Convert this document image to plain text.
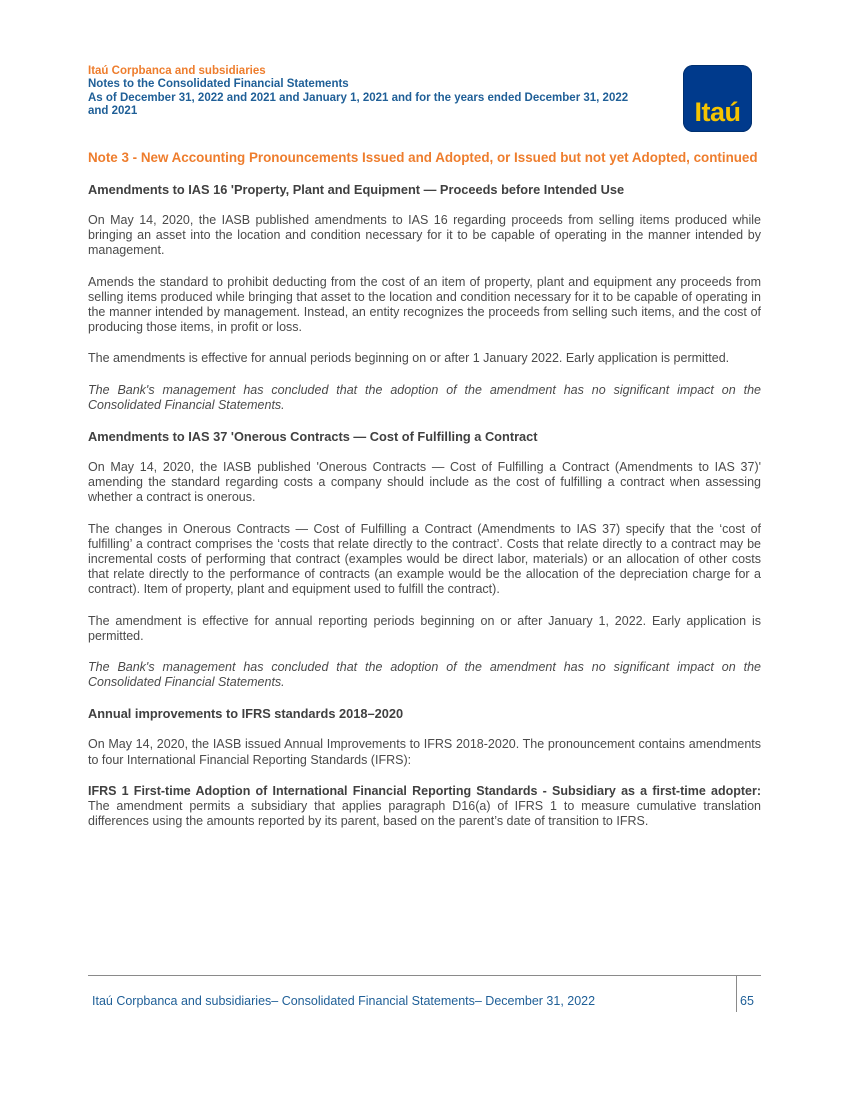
Itaú Corpbanca and subsidiaries
Notes to the Consolidated Financial Statements
As of December 31, 2022 and 2021 and January 1, 2021 and for the years ended December 31, 2022
and 2021	Itaú
Note 3 - New Accounting Pronouncements Issued and Adopted, or Issued but not yet Adopted, continued
Amendments to IAS 16 'Property, Plant and Equipment — Proceeds before Intended Use
On May 14, 2020, the IASB published amendments to IAS 16 regarding proceeds from selling items produced while bringing an asset into the location and condition necessary for it to be capable of operating in the manner intended by management.
Amends the standard to prohibit deducting from the cost of an item of property, plant and equipment any proceeds from selling items produced while bringing that asset to the location and condition necessary for it to be capable of operating in the manner intended by management. Instead, an entity recognizes the proceeds from selling such items, and the cost of producing those items, in profit or loss.
The amendments is effective for annual periods beginning on or after 1 January 2022. Early application is permitted.
The Bank's management has concluded that the adoption of the amendment has no significant impact on the Consolidated Financial Statements.
Amendments to IAS 37 'Onerous Contracts — Cost of Fulfilling a Contract
On May 14, 2020, the IASB published 'Onerous Contracts — Cost of Fulfilling a Contract (Amendments to IAS 37)' amending the standard regarding costs a company should include as the cost of fulfilling a contract when assessing whether a contract is onerous.
The changes in Onerous Contracts — Cost of Fulfilling a Contract (Amendments to IAS 37) specify that the ‘cost of fulfilling’ a contract comprises the ‘costs that relate directly to the contract’. Costs that relate directly to a contract may be incremental costs of performing that contract (examples would be direct labor, materials) or an allocation of other costs that relate directly to the performance of contracts (an example would be the allocation of the depreciation charge for a contract). Item of property, plant and equipment used to fulfill the contract).
The amendment is effective for annual reporting periods beginning on or after January 1, 2022. Early application is permitted.
The Bank's management has concluded that the adoption of the amendment has no significant impact on the Consolidated Financial Statements.
Annual improvements to IFRS standards 2018–2020
On May 14, 2020, the IASB issued Annual Improvements to IFRS 2018-2020. The pronouncement contains amendments to four International Financial Reporting Standards (IFRS):
IFRS 1 First-time Adoption of International Financial Reporting Standards - Subsidiary as a first-time adopter: The amendment permits a subsidiary that applies paragraph D16(a) of IFRS 1 to measure cumulative translation differences using the amounts reported by its parent, based on the parent’s date of transition to IFRS.
Itaú Corpbanca and subsidiaries– Consolidated Financial Statements– December 31, 2022	65
